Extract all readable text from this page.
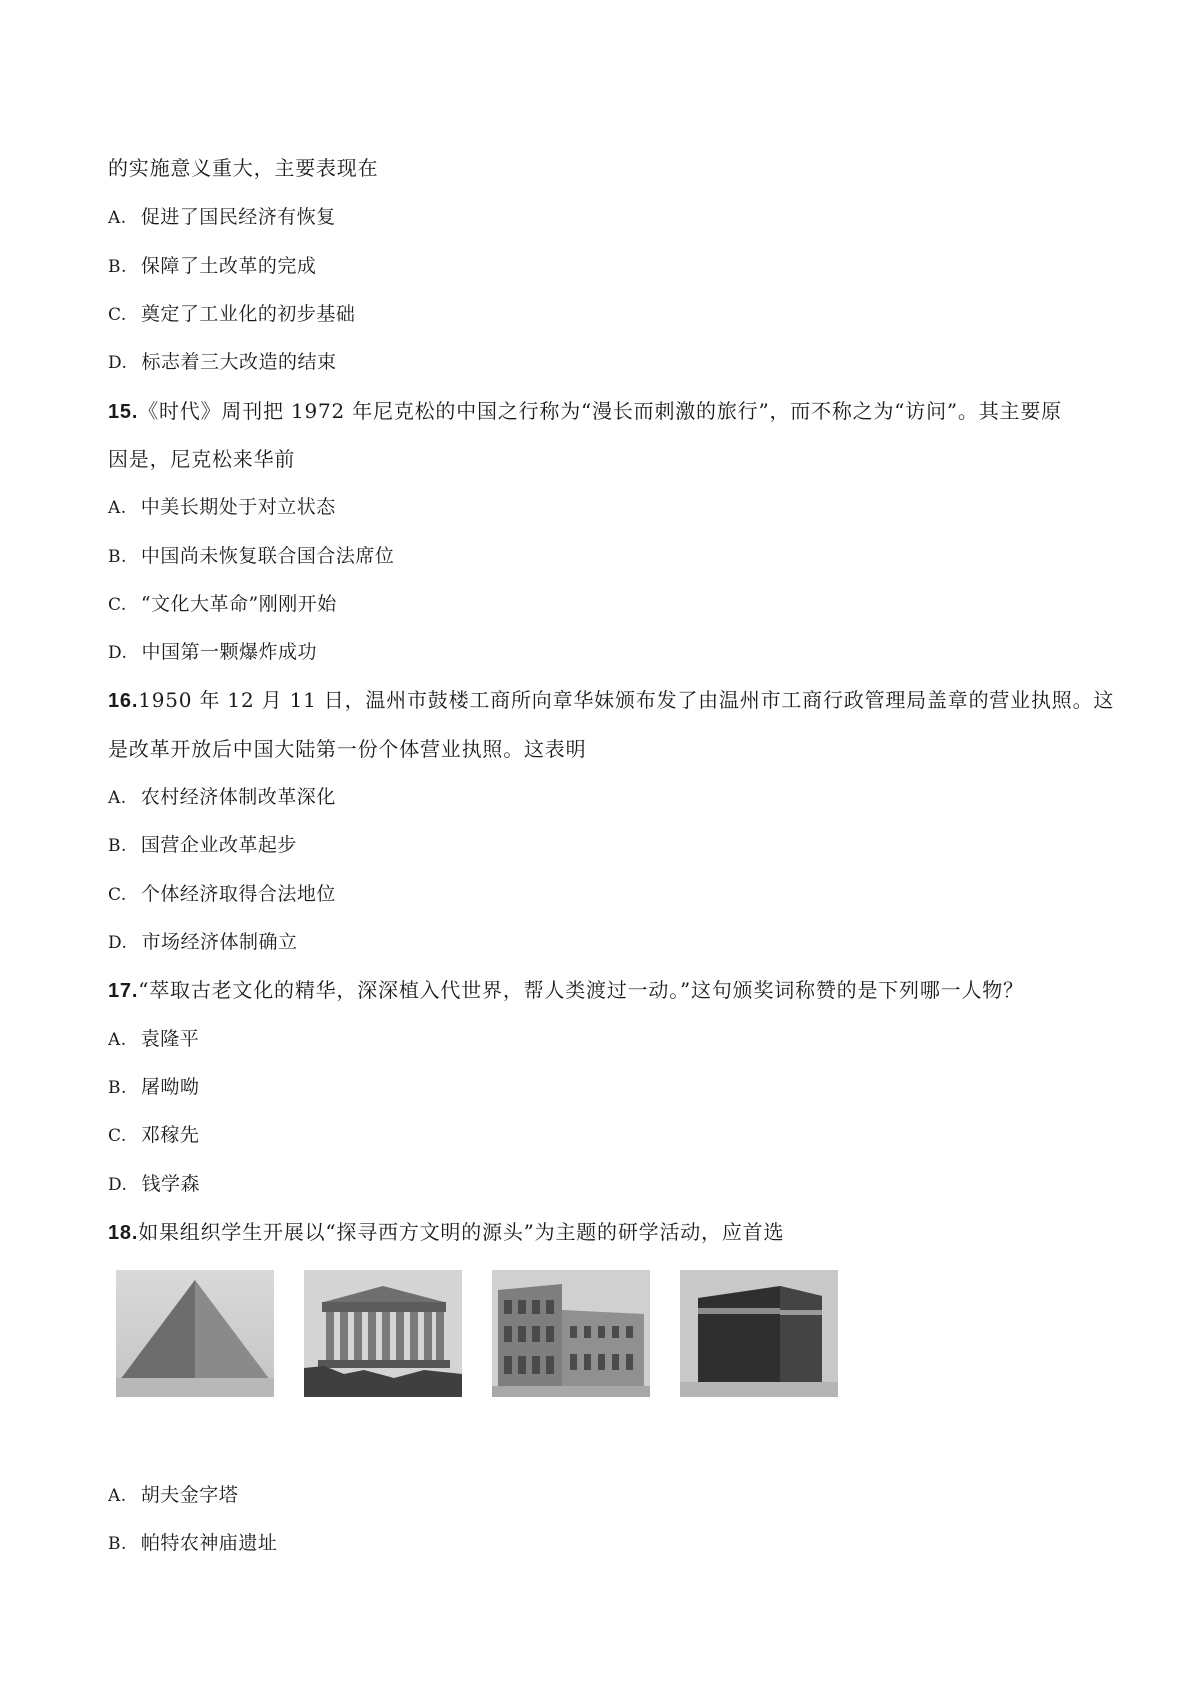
的实施意义重大，主要表现在
A. 促进了国民经济有恢复
B. 保障了土改革的完成
C. 奠定了工业化的初步基础
D. 标志着三大改造的结束
15.《时代》周刊把 1972 年尼克松的中国之行称为“漫长而刺激的旅行”，而不称之为“访问”。其主要原
因是，尼克松来华前
A. 中美长期处于对立状态
B. 中国尚未恢复联合国合法席位
C. “文化大革命”刚刚开始
D. 中国第一颗爆炸成功
16.1950 年 12 月 11 日，温州市鼓楼工商所向章华妹颁布发了由温州市工商行政管理局盖章的营业执照。这
是改革开放后中国大陆第一份个体营业执照。这表明
A. 农村经济体制改革深化
B. 国营企业改革起步
C. 个体经济取得合法地位
D. 市场经济体制确立
17.“萃取古老文化的精华，深深植入代世界，帮人类渡过一动。”这句颁奖词称赞的是下列哪一人物？
A. 袁隆平
B. 屠呦呦
C. 邓稼先
D. 钱学森
18.如果组织学生开展以“探寻西方文明的源头”为主题的研学活动，应首选
A. 胡夫金字塔
B. 帕特农神庙遗址
